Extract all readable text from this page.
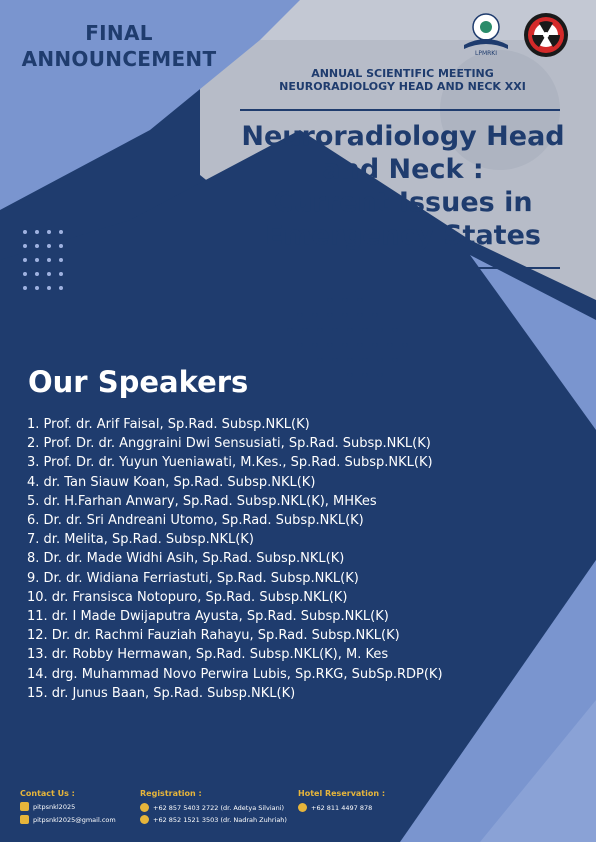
LPMRKI
FINAL
ANNOUNCEMENT
ANNUAL SCIENTIFIC MEETING
NEURORADIOLOGY HEAD AND NECK XXI
Neuroradiology Head
and Neck :
Current Issues in
Emergency States
Our Speakers
1. Prof. dr. Arif Faisal, Sp.Rad. Subsp.NKL(K)
2. Prof. Dr. dr. Anggraini Dwi Sensusiati, Sp.Rad. Subsp.NKL(K)
3. Prof. Dr. dr. Yuyun Yueniawati, M.Kes., Sp.Rad. Subsp.NKL(K)
4. dr. Tan Siauw Koan, Sp.Rad. Subsp.NKL(K)
5. dr. H.Farhan Anwary, Sp.Rad. Subsp.NKL(K), MHKes
6. Dr. dr. Sri Andreani Utomo, Sp.Rad. Subsp.NKL(K)
7. dr. Melita, Sp.Rad. Subsp.NKL(K)
8. Dr. dr. Made Widhi Asih, Sp.Rad. Subsp.NKL(K)
9. Dr. dr. Widiana Ferriastuti, Sp.Rad. Subsp.NKL(K)
10. dr. Fransisca Notopuro, Sp.Rad. Subsp.NKL(K)
11. dr. I Made Dwijaputra Ayusta, Sp.Rad. Subsp.NKL(K)
12. Dr. dr. Rachmi Fauziah Rahayu, Sp.Rad. Subsp.NKL(K)
13. dr. Robby Hermawan, Sp.Rad. Subsp.NKL(K), M. Kes
14. drg. Muhammad Novo Perwira Lubis, Sp.RKG, SubSp.RDP(K)
15. dr. Junus Baan, Sp.Rad. Subsp.NKL(K)
Contact Us :
pitpsnkl2025
pitpsnkl2025@gmail.com
Registration :
+62 857 5403 2722 (dr. Adetya Silviani)
+62 852 1521 3503 (dr. Nadrah Zuhriah)
Hotel Reservation :
+62 811 4497 878
